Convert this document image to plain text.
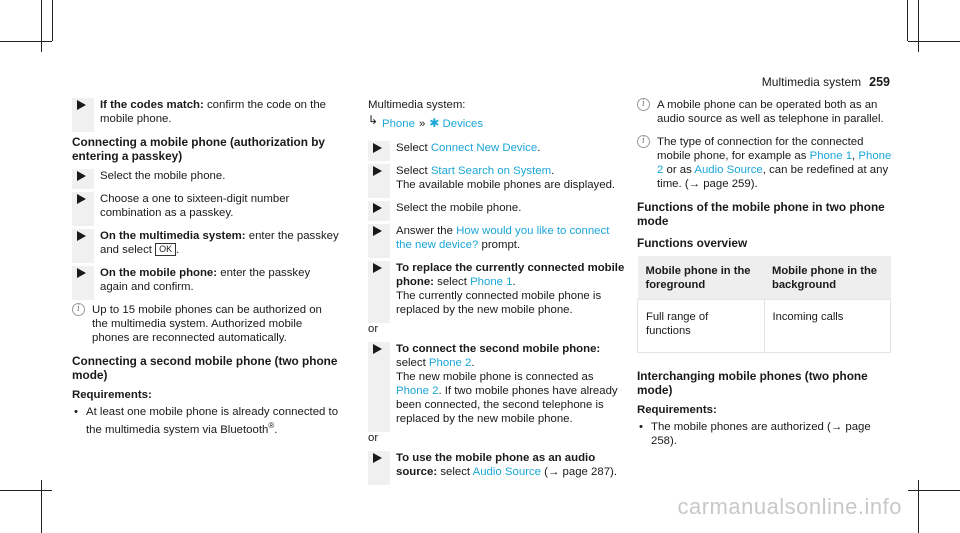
Multimedia system 259
If the codes match: confirm the code on the mobile phone.
Connecting a mobile phone (authorization by entering a passkey)
Select the mobile phone.
Choose a one to sixteen-digit number combination as a passkey.
On the multimedia system: enter the passkey and select OK .
On the mobile phone: enter the passkey again and confirm.
i	Up to 15 mobile phones can be authorized on the multimedia system. Authorized mobile phones are reconnected automatically.
Connecting a second mobile phone (two phone mode)
Requirements:
• At least one mobile phone is already connected to the multimedia system via Bluetooth®.
Multimedia system:
↳ Phone » ✱ Devices
Select Connect New Device.
Select Start Search on System.
The available mobile phones are displayed.
Select the mobile phone.
Answer the How would you like to connect the new device? prompt.
To replace the currently connected mobile phone: select Phone 1.
The currently connected mobile phone is replaced by the new mobile phone.
or
To connect the second mobile phone: select Phone 2.
The new mobile phone is connected as Phone 2. If two mobile phones have already been connected, the second telephone is replaced by the new mobile phone.
or
To use the mobile phone as an audio source: select Audio Source (→ page 287).
i	A mobile phone can be operated both as an audio source as well as telephone in parallel.
i	The type of connection for the connected mobile phone, for example as Phone 1, Phone 2 or as Audio Source, can be redefined at any time. (→ page 259).
Functions of the mobile phone in two phone mode
Functions overview
Mobile phone in the foreground	Mobile phone in the background
Full range of functions	Incoming calls
Interchanging mobile phones (two phone mode)
Requirements:
• The mobile phones are authorized (→ page 258).
carmanualsonline.info
